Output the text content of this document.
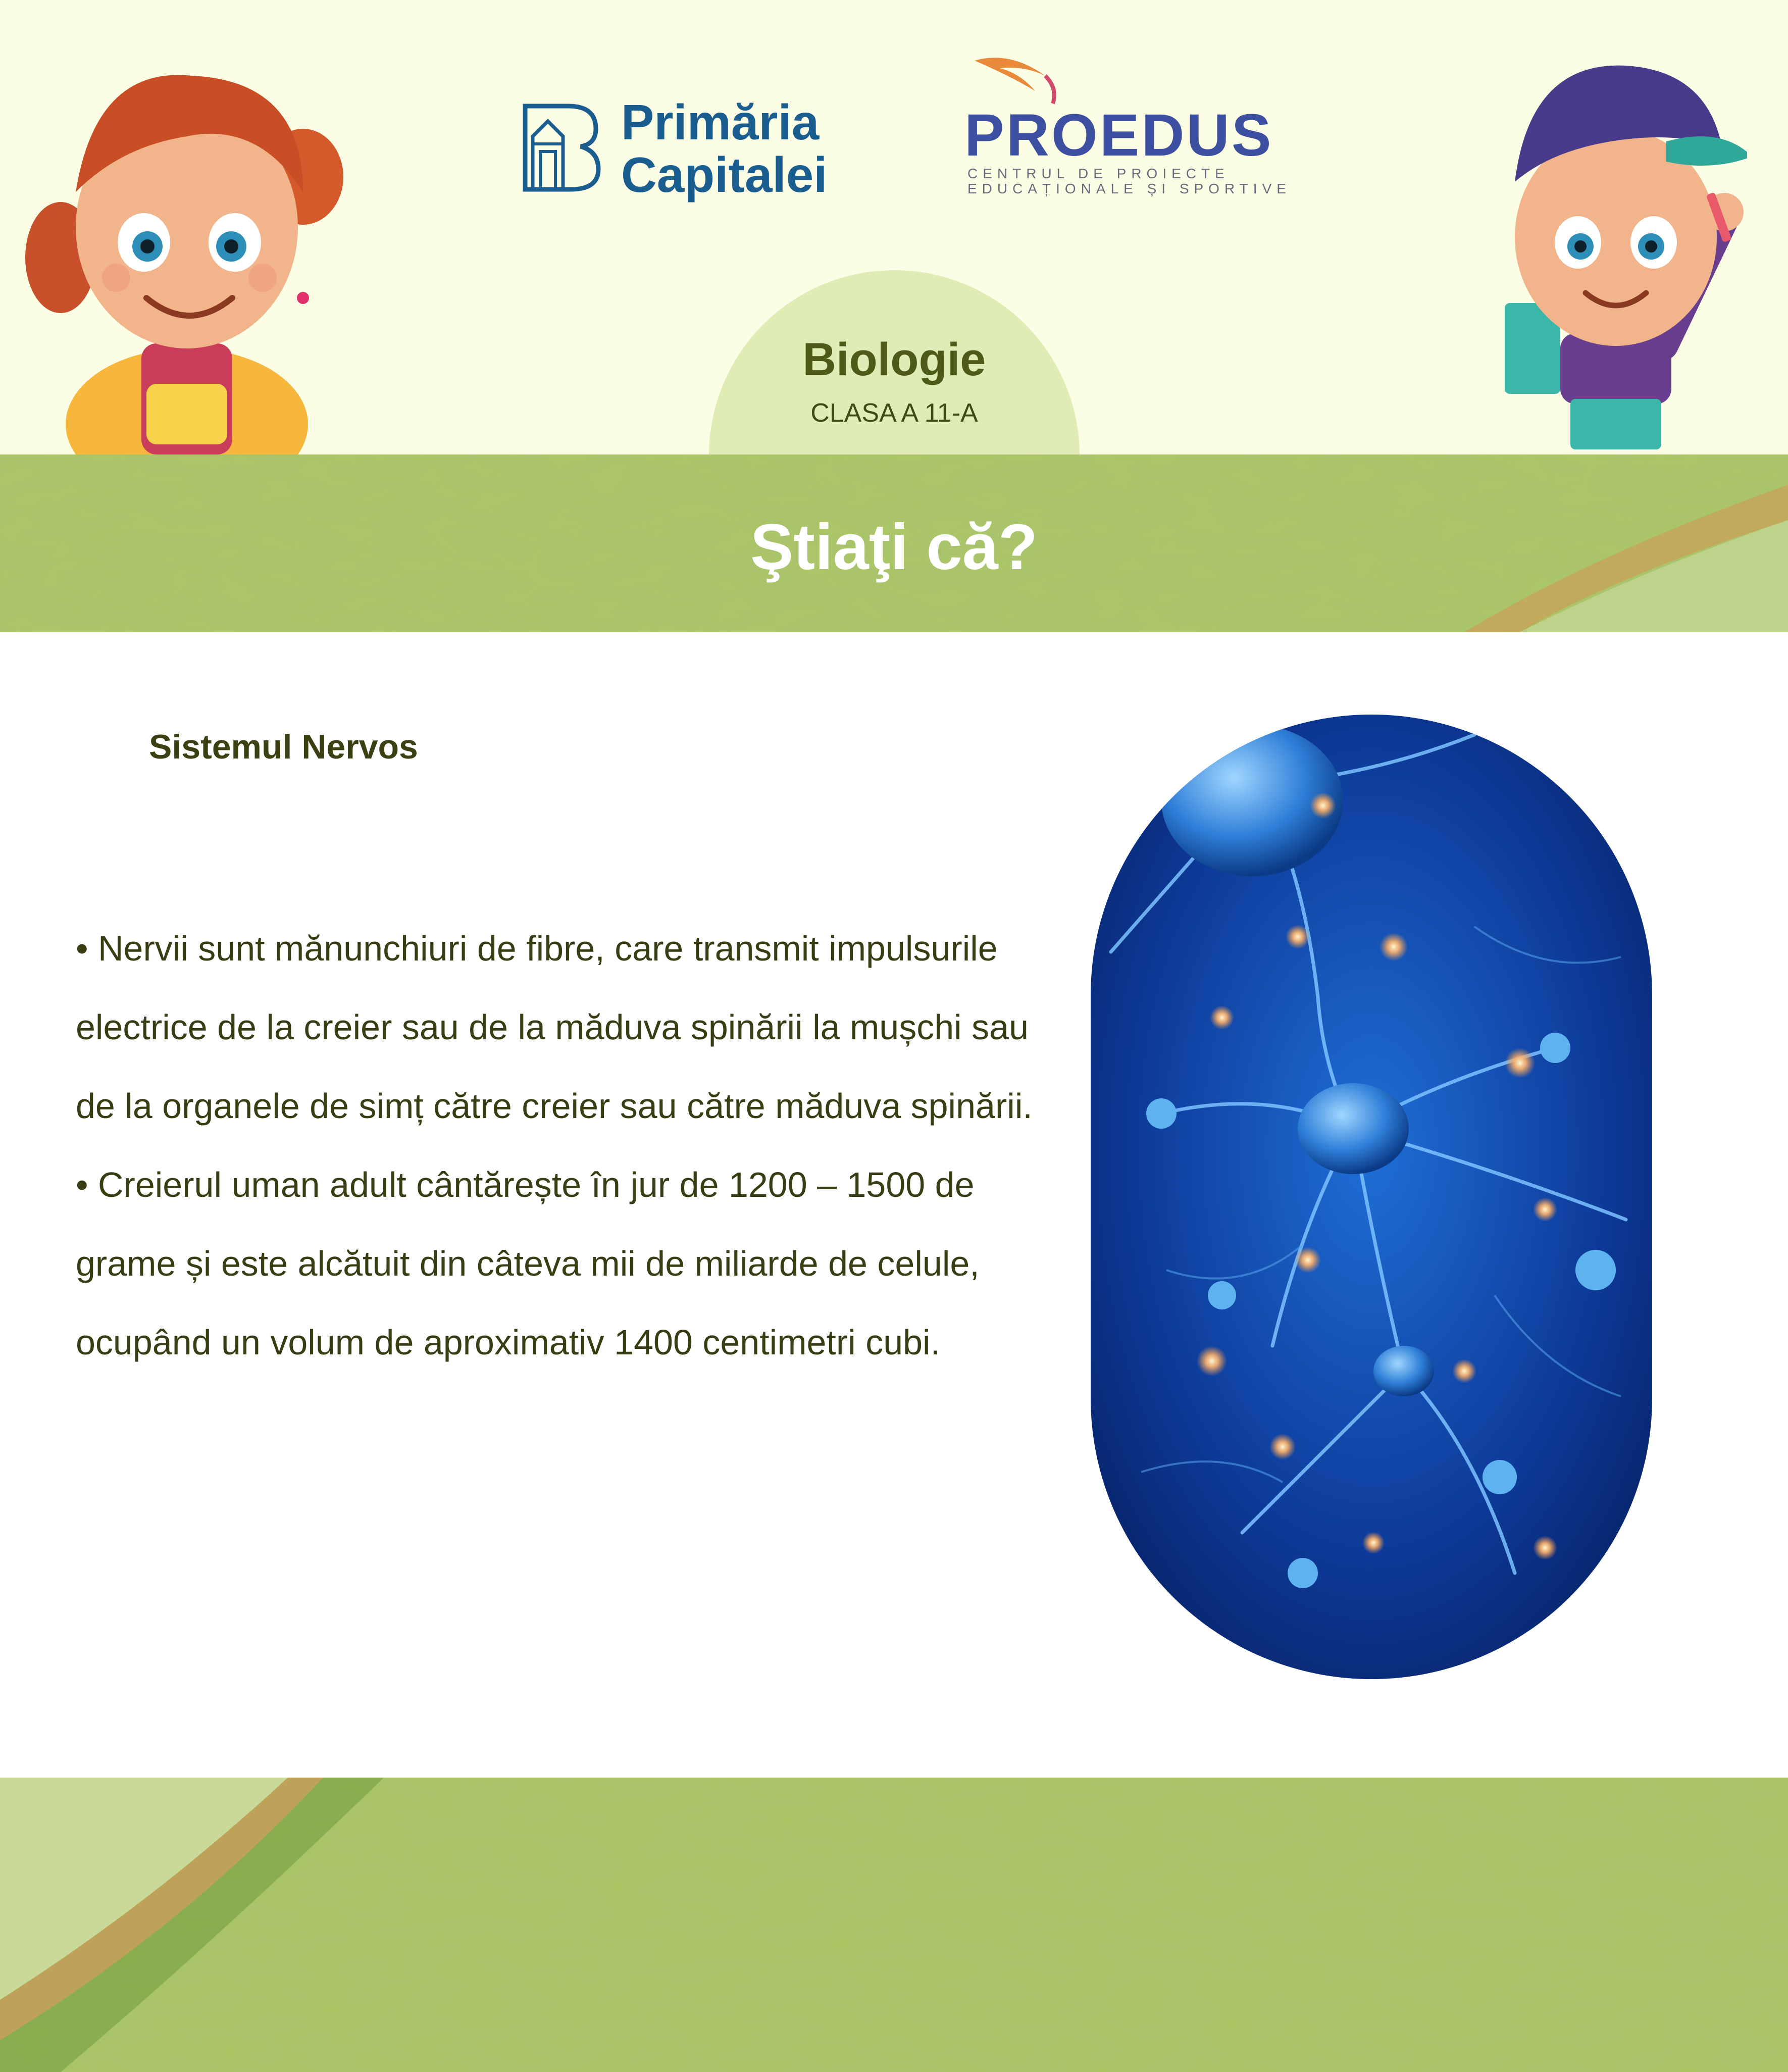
Primăria
Capitalei
PROEDUS
CENTRUL DE PROIECTE
EDUCAȚIONALE ȘI SPORTIVE
Biologie
CLASA A 11-A
Ştiaţi că?
Sistemul Nervos

• Nervii sunt mănunchiuri de fibre, care transmit impulsurile electrice de la creier sau de la măduva spinării la mușchi sau de la organele de simț către creier sau către măduva spinării.

• Creierul uman adult cântărește în jur de 1200 – 1500 de grame și este alcătuit din câteva mii de miliarde de celule, ocupând un volum de aproximativ 1400 centimetri cubi.
